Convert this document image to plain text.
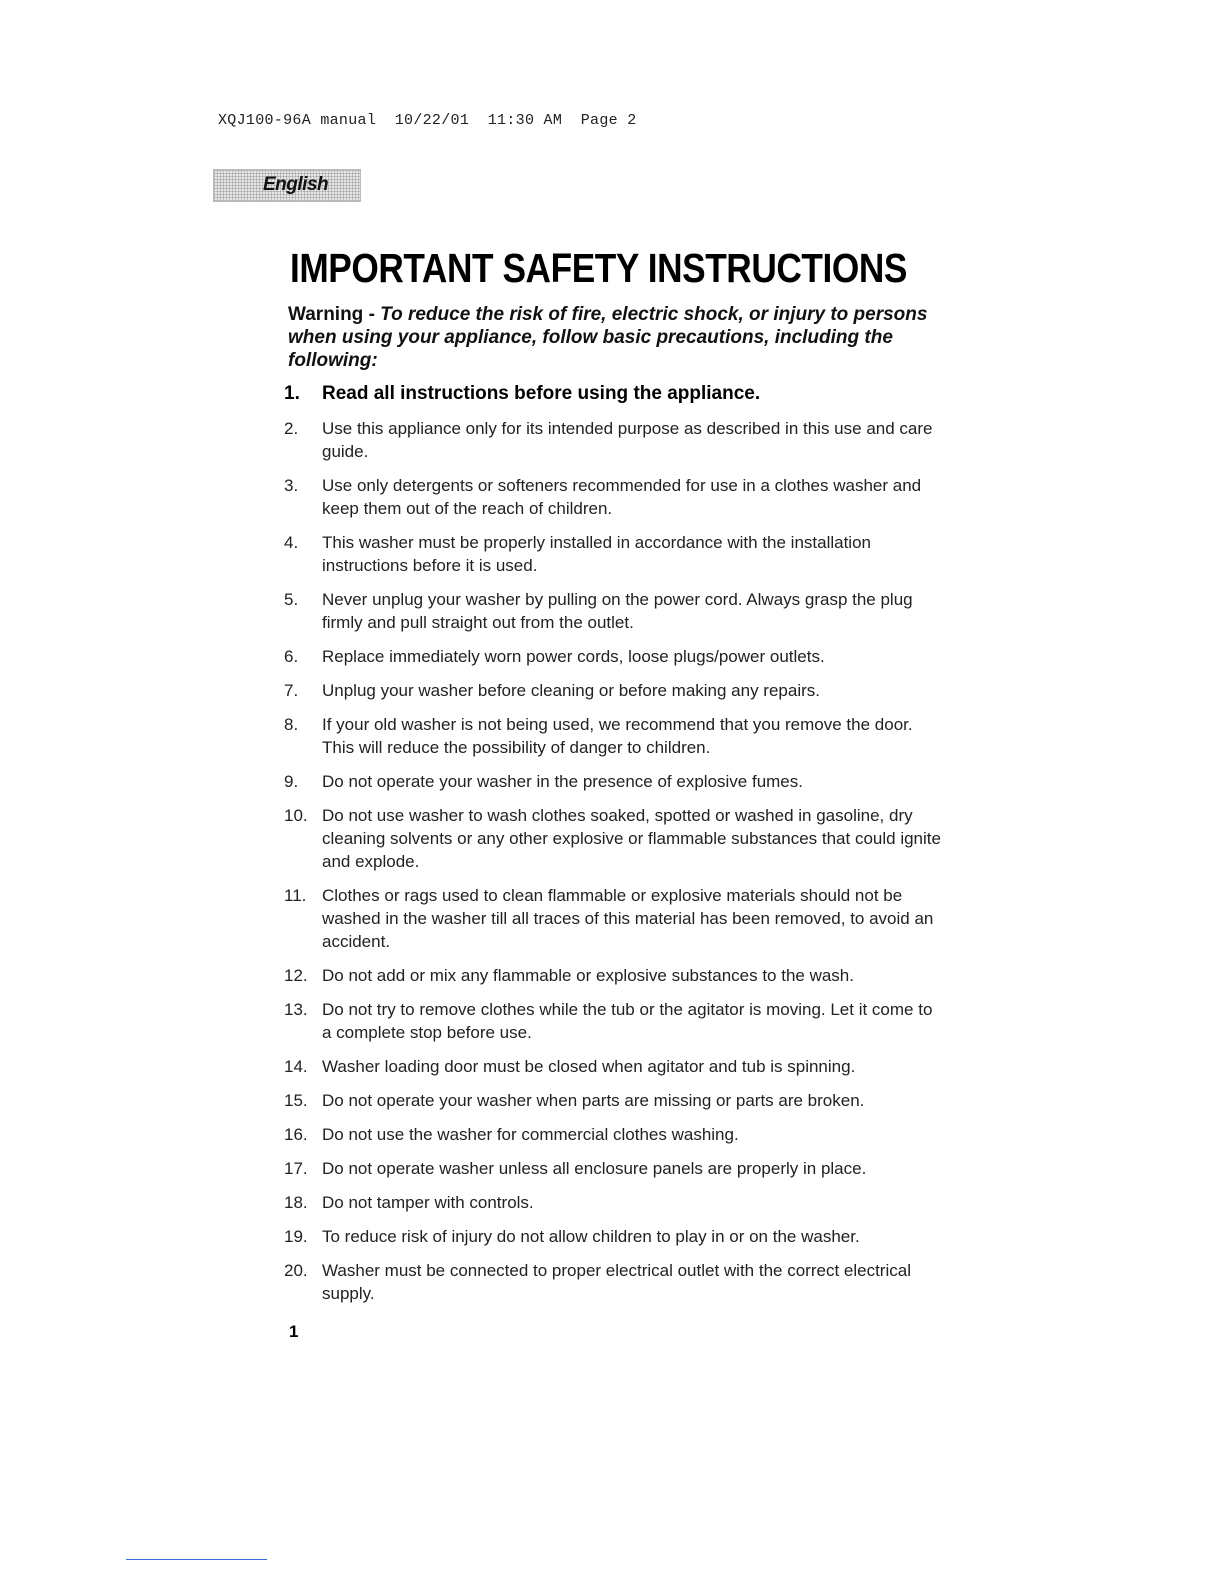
XQJ100-96A manual  10/22/01  11:30 AM  Page 2
English
IMPORTANT SAFETY INSTRUCTIONS
Warning - To reduce the risk of fire, electric shock, or injury to persons when using your appliance, follow basic precautions, including the following:
1.	Read all instructions before using the appliance.
2.	Use this appliance only for its intended purpose as described in this use and care guide.
3.	Use only detergents or softeners recommended for use in a clothes washer and keep them out of the reach of children.
4.	This washer must be properly installed in accordance with the installation instructions before it is used.
5.	Never unplug your washer by pulling on the power cord. Always grasp the plug firmly and pull straight out from the outlet.
6.	Replace immediately worn power cords, loose plugs/power outlets.
7.	Unplug your washer before cleaning or before making any repairs.
8.	If your old washer is not being used, we recommend that you remove the door. This will reduce the possibility of danger to children.
9.	Do not operate your washer in the presence of explosive fumes.
10. Do not use washer to wash clothes soaked, spotted or washed in gasoline, dry cleaning solvents or any other explosive or flammable substances that could ignite and explode.
11. Clothes or rags used to clean flammable or explosive materials should not be washed in the washer till all traces of this material has been removed, to avoid an accident.
12. Do not add or mix any flammable or explosive substances to the wash.
13. Do not try to remove clothes while the tub or the agitator is moving. Let it come to a complete stop before use.
14. Washer loading door must be closed when agitator and tub is spinning.
15. Do not operate your washer when parts are missing or parts are broken.
16. Do not use the washer for commercial clothes washing.
17. Do not operate washer unless all enclosure panels are properly in place.
18. Do not tamper with controls.
19. To reduce risk of injury do not allow children to play in or on the washer.
20. Washer must be connected to proper electrical outlet with the correct electrical supply.
1
